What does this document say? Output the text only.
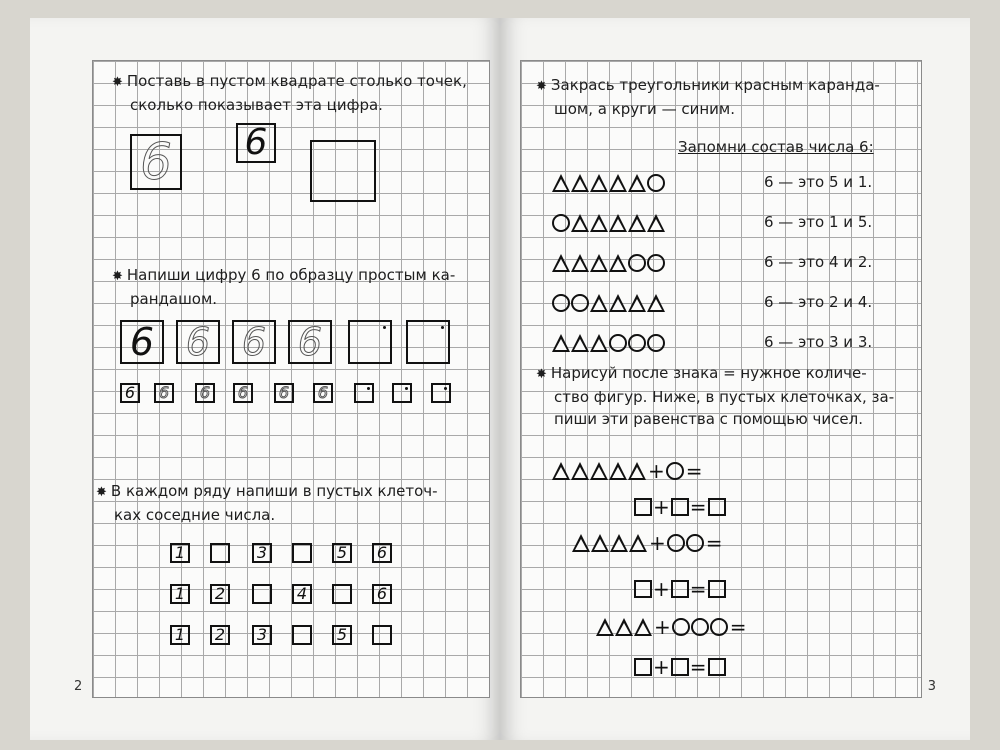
✸ Поставь в пустом квадрате столько точек,
сколько показывает эта цифра.
6 6
✸ Напиши цифру 6 по образцу простым ка-
рандашом.
6 6 6 6
6 6 6 6 6 6
✸ В каждом ряду напиши в пустых клеточ-
ках соседние числа.
2
1	3	5 6
1 2	4	6
1 2 3	5
✸ Закрась треугольники красным каранда-
шом, а круги — синим.
Запомни состав числа 6:
✸ Нарисуй после знака = нужное количе-
ство фигур. Ниже, в пустых клеточках, за-
пиши эти равенства с помощью чисел.
3
6 — это 5 и 1.
6 — это 1 и 5.
6 — это 4 и 2.
6 — это 2 и 4.
6 — это 3 и 3.
+ =
+ =
+ =
+ =
+	=
+ =
